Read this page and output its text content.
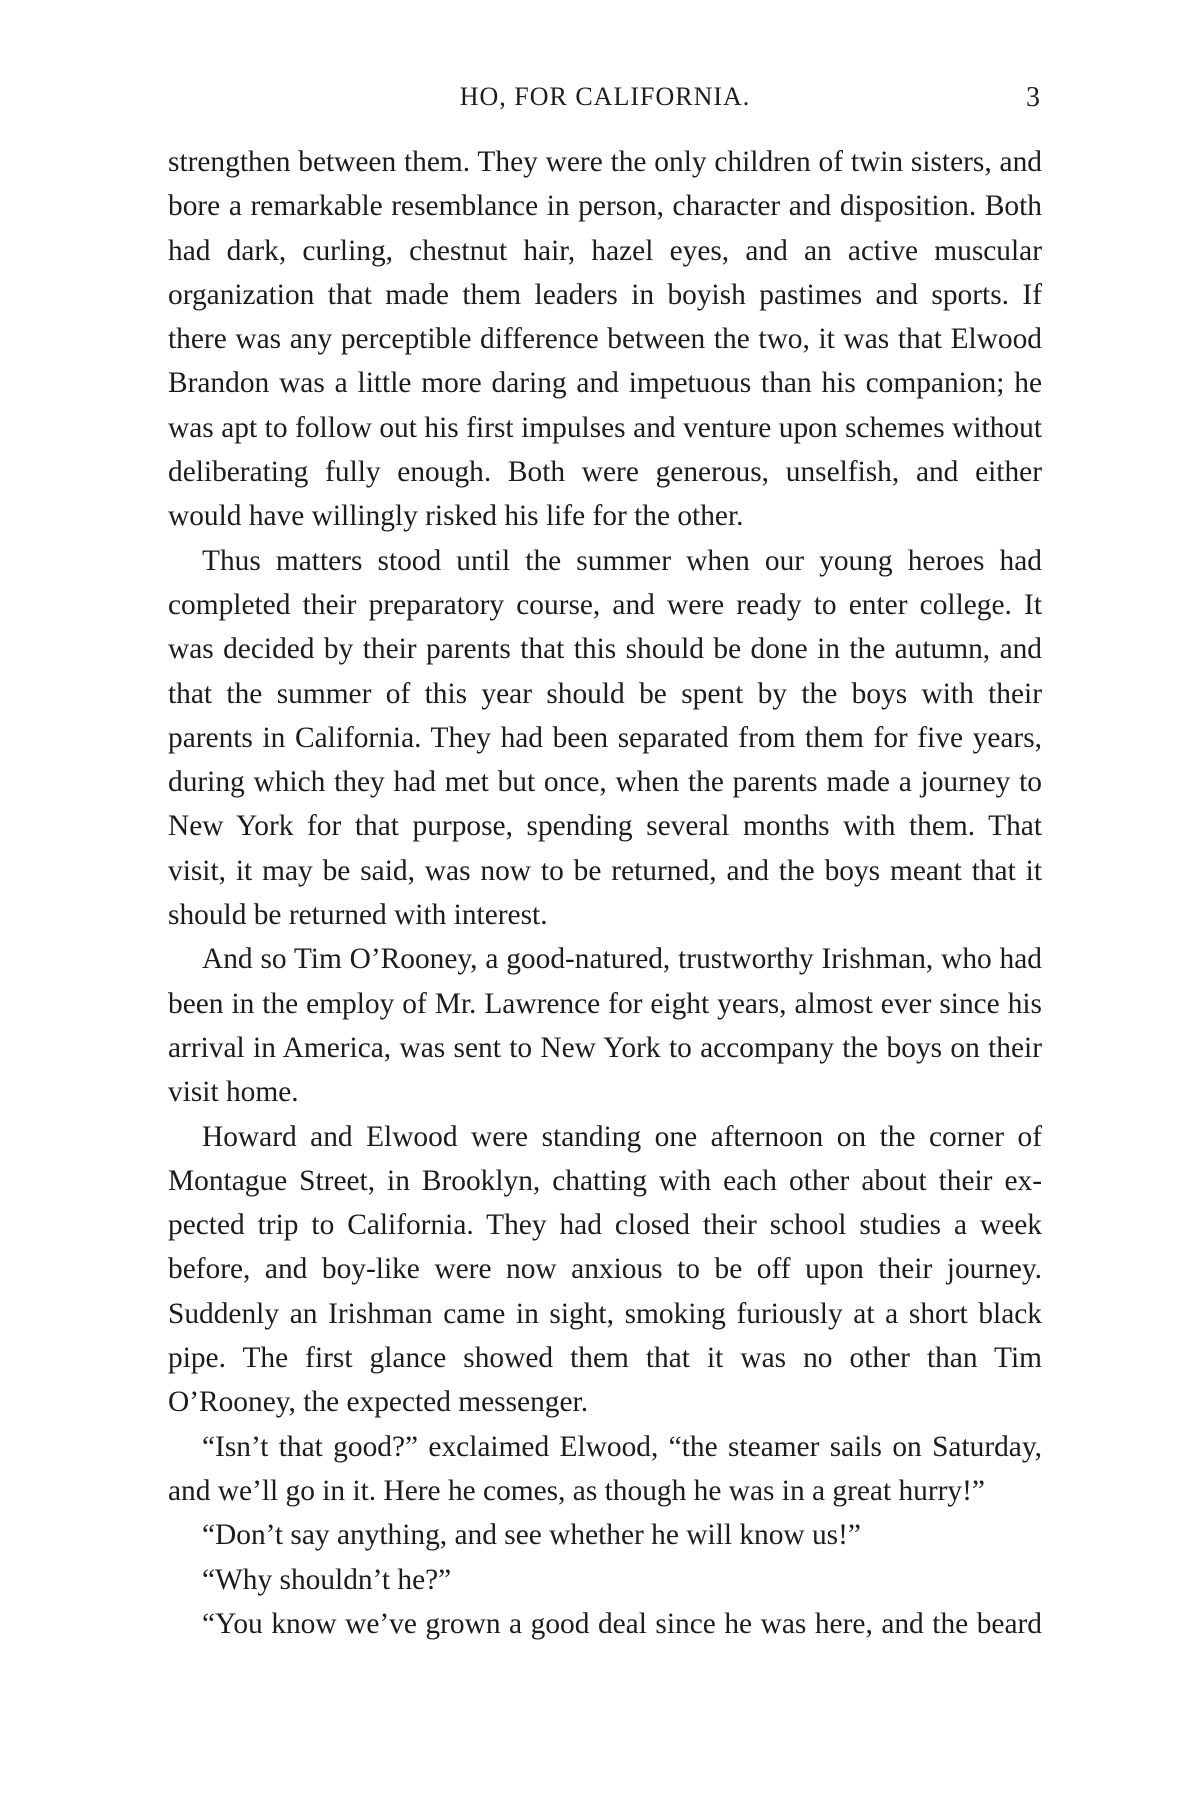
HO, FOR CALIFORNIA.	3

strengthen between them. They were the only children of twin sisters, and bore a remarkable resemblance in person, character and disposition. Both had dark, curling, chestnut hair, hazel eyes, and an active muscular organization that made them leaders in boyish pastimes and sports. If there was any perceptible difference between the two, it was that Elwood Brandon was a little more daring and impetuous than his companion; he was apt to follow out his first impulses and venture upon schemes without deliberating fully enough. Both were generous, unselfish, and either would have willingly risked his life for the other.

Thus matters stood until the summer when our young heroes had completed their preparatory course, and were ready to enter college. It was decided by their parents that this should be done in the autumn, and that the summer of this year should be spent by the boys with their parents in California. They had been separated from them for five years, during which they had met but once, when the parents made a journey to New York for that purpose, spending several months with them. That visit, it may be said, was now to be returned, and the boys meant that it should be returned with interest.

And so Tim O’Rooney, a good-natured, trustworthy Irishman, who had been in the employ of Mr. Lawrence for eight years, almost ever since his arrival in America, was sent to New York to accompany the boys on their visit home.

Howard and Elwood were standing one afternoon on the corner of Montague Street, in Brooklyn, chatting with each other about their expected trip to California. They had closed their school studies a week before, and boy-like were now anxious to be off upon their journey. Suddenly an Irishman came in sight, smoking furiously at a short black pipe. The first glance showed them that it was no other than Tim O’Rooney, the expected messenger.

“Isn’t that good?” exclaimed Elwood, “the steamer sails on Saturday, and we’ll go in it. Here he comes, as though he was in a great hurry!”

“Don’t say anything, and see whether he will know us!”

“Why shouldn’t he?”

“You know we’ve grown a good deal since he was here, and the beard
